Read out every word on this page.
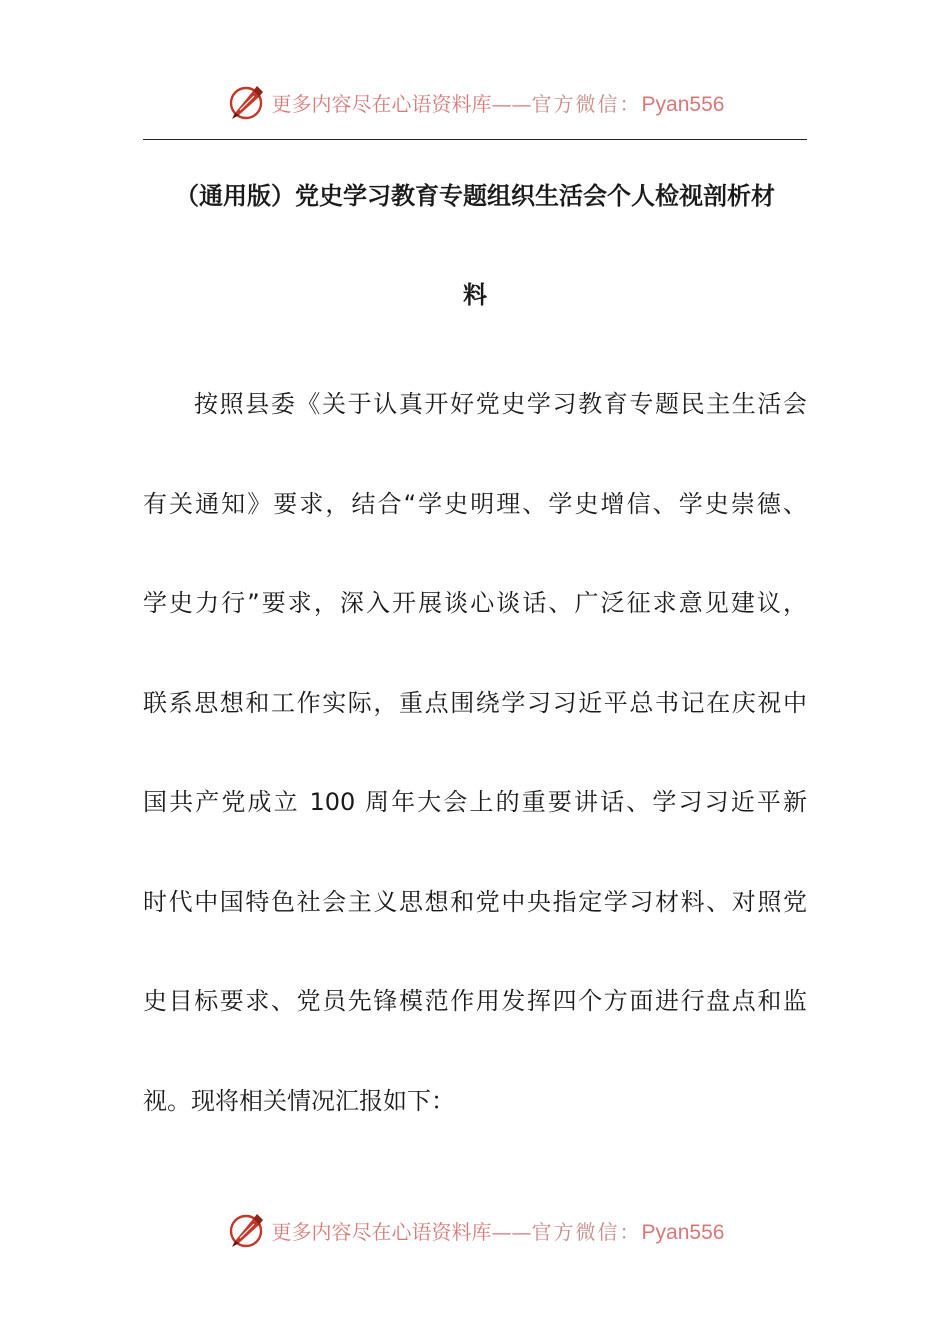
更多内容尽在心语资料库 —— 官方微信： Pyan556
（通用版）党史学习教育专题组织生活会个人检视剖析材
料
按照县委《关于认真开好党史学习教育专题民主生活会
有关通知》要求，结合“学史明理、学史增信、学史崇德、
学史力行”要求，深入开展谈心谈话、广泛征求意见建议，
联系思想和工作实际，重点围绕学习习近平总书记在庆祝中
国共产党成立 100 周年大会上的重要讲话、学习习近平新
时代中国特色社会主义思想和党中央指定学习材料、对照党
史目标要求、党员先锋模范作用发挥四个方面进行盘点和监
视。现将相关情况汇报如下：
更多内容尽在心语资料库 —— 官方微信： Pyan556
